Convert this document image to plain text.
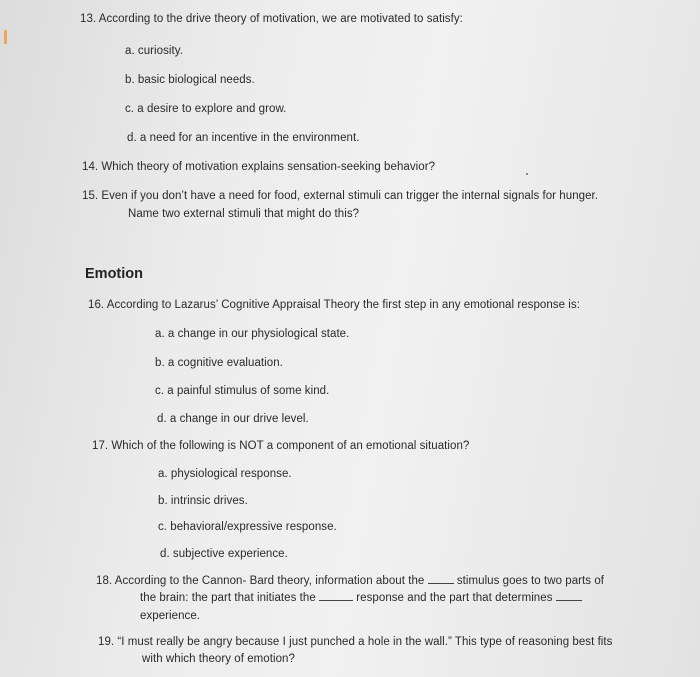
13. According to the drive theory of motivation, we are motivated to satisfy:
a. curiosity.
b. basic biological needs.
c. a desire to explore and grow.
d. a need for an incentive in the environment.
14. Which theory of motivation explains sensation-seeking behavior?
15. Even if you don’t have a need for food, external stimuli can trigger the internal signals for hunger.
Name two external stimuli that might do this?
Emotion
16. According to Lazarus’ Cognitive Appraisal Theory the first step in any emotional response is:
a. a change in our physiological state.
b. a cognitive evaluation.
c. a painful stimulus of some kind.
d. a change in our drive level.
17. Which of the following is NOT a component of an emotional situation?
a. physiological response.
b. intrinsic drives.
c. behavioral/expressive response.
d. subjective experience.
18. According to the Cannon- Bard theory, information about the	stimulus goes to two parts of
the brain: the part that initiates the	response and the part that determines
experience.
19. “I must really be angry because I just punched a hole in the wall.” This type of reasoning best fits
with which theory of emotion?
